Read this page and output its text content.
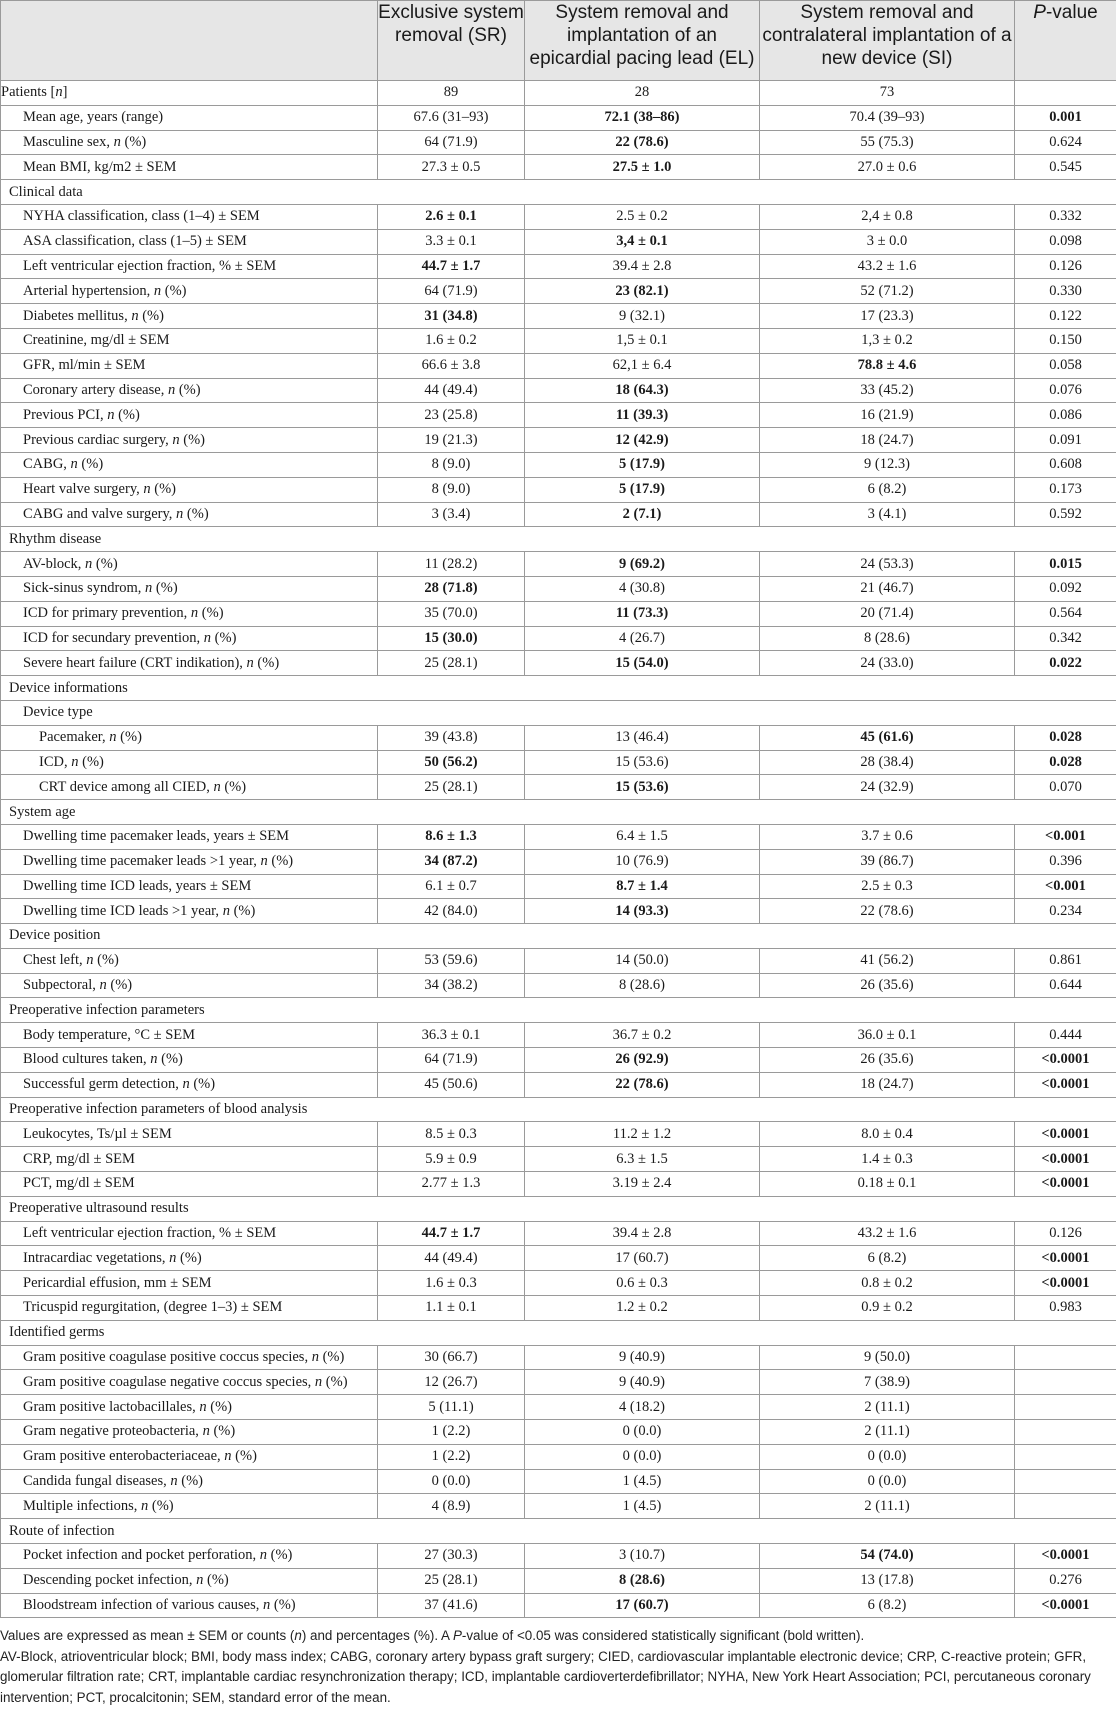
	Exclusive system removal (SR)	System removal and implantation of an epicardial pacing lead (EL)	System removal and contralateral implantation of a new device (SI)	P-value
Patients [n]	89	28	73	
Mean age, years (range)	67.6 (31–93)	72.1 (38–86)	70.4 (39–93)	0.001
Masculine sex, n (%)	64 (71.9)	22 (78.6)	55 (75.3)	0.624
Mean BMI, kg/m2 ± SEM	27.3 ± 0.5	27.5 ± 1.0	27.0 ± 0.6	0.545
Clinical data				
NYHA classification, class (1–4) ± SEM	2.6 ± 0.1	2.5 ± 0.2	2,4 ± 0.8	0.332
ASA classification, class (1–5) ± SEM	3.3 ± 0.1	3,4 ± 0.1	3 ± 0.0	0.098
Left ventricular ejection fraction, % ± SEM	44.7 ± 1.7	39.4 ± 2.8	43.2 ± 1.6	0.126
Arterial hypertension, n (%)	64 (71.9)	23 (82.1)	52 (71.2)	0.330
Diabetes mellitus, n (%)	31 (34.8)	9 (32.1)	17 (23.3)	0.122
Creatinine, mg/dl ± SEM	1.6 ± 0.2	1,5 ± 0.1	1,3 ± 0.2	0.150
GFR, ml/min ± SEM	66.6 ± 3.8	62,1 ± 6.4	78.8 ± 4.6	0.058
Coronary artery disease, n (%)	44 (49.4)	18 (64.3)	33 (45.2)	0.076
Previous PCI, n (%)	23 (25.8)	11 (39.3)	16 (21.9)	0.086
Previous cardiac surgery, n (%)	19 (21.3)	12 (42.9)	18 (24.7)	0.091
CABG, n (%)	8 (9.0)	5 (17.9)	9 (12.3)	0.608
Heart valve surgery, n (%)	8 (9.0)	5 (17.9)	6 (8.2)	0.173
CABG and valve surgery, n (%)	3 (3.4)	2 (7.1)	3 (4.1)	0.592
Rhythm disease				
AV-block, n (%)	11 (28.2)	9 (69.2)	24 (53.3)	0.015
Sick-sinus syndrom, n (%)	28 (71.8)	4 (30.8)	21 (46.7)	0.092
ICD for primary prevention, n (%)	35 (70.0)	11 (73.3)	20 (71.4)	0.564
ICD for secundary prevention, n (%)	15 (30.0)	4 (26.7)	8 (28.6)	0.342
Severe heart failure (CRT indikation), n (%)	25 (28.1)	15 (54.0)	24 (33.0)	0.022
Device informations				
Device type				
Pacemaker, n (%)	39 (43.8)	13 (46.4)	45 (61.6)	0.028
ICD, n (%)	50 (56.2)	15 (53.6)	28 (38.4)	0.028
CRT device among all CIED, n (%)	25 (28.1)	15 (53.6)	24 (32.9)	0.070
System age				
Dwelling time pacemaker leads, years ± SEM	8.6 ± 1.3	6.4 ± 1.5	3.7 ± 0.6	<0.001
Dwelling time pacemaker leads >1 year, n (%)	34 (87.2)	10 (76.9)	39 (86.7)	0.396
Dwelling time ICD leads, years ± SEM	6.1 ± 0.7	8.7 ± 1.4	2.5 ± 0.3	<0.001
Dwelling time ICD leads >1 year, n (%)	42 (84.0)	14 (93.3)	22 (78.6)	0.234
Device position				
Chest left, n (%)	53 (59.6)	14 (50.0)	41 (56.2)	0.861
Subpectoral, n (%)	34 (38.2)	8 (28.6)	26 (35.6)	0.644
Preoperative infection parameters				
Body temperature, °C ± SEM	36.3 ± 0.1	36.7 ± 0.2	36.0 ± 0.1	0.444
Blood cultures taken, n (%)	64 (71.9)	26 (92.9)	26 (35.6)	<0.0001
Successful germ detection, n (%)	45 (50.6)	22 (78.6)	18 (24.7)	<0.0001
Preoperative infection parameters of blood analysis				
Leukocytes, Ts/µl ± SEM	8.5 ± 0.3	11.2 ± 1.2	8.0 ± 0.4	<0.0001
CRP, mg/dl ± SEM	5.9 ± 0.9	6.3 ± 1.5	1.4 ± 0.3	<0.0001
PCT, mg/dl ± SEM	2.77 ± 1.3	3.19 ± 2.4	0.18 ± 0.1	<0.0001
Preoperative ultrasound results				
Left ventricular ejection fraction, % ± SEM	44.7 ± 1.7	39.4 ± 2.8	43.2 ± 1.6	0.126
Intracardiac vegetations, n (%)	44 (49.4)	17 (60.7)	6 (8.2)	<0.0001
Pericardial effusion, mm ± SEM	1.6 ± 0.3	0.6 ± 0.3	0.8 ± 0.2	<0.0001
Tricuspid regurgitation, (degree 1–3) ± SEM	1.1 ± 0.1	1.2 ± 0.2	0.9 ± 0.2	0.983
Identified germs				
Gram positive coagulase positive coccus species, n (%)	30 (66.7)	9 (40.9)	9 (50.0)	
Gram positive coagulase negative coccus species, n (%)	12 (26.7)	9 (40.9)	7 (38.9)	
Gram positive lactobacillales, n (%)	5 (11.1)	4 (18.2)	2 (11.1)	
Gram negative proteobacteria, n (%)	1 (2.2)	0 (0.0)	2 (11.1)	
Gram positive enterobacteriaceae, n (%)	1 (2.2)	0 (0.0)	0 (0.0)	
Candida fungal diseases, n (%)	0 (0.0)	1 (4.5)	0 (0.0)	
Multiple infections, n (%)	4 (8.9)	1 (4.5)	2 (11.1)	
Route of infection				
Pocket infection and pocket perforation, n (%)	27 (30.3)	3 (10.7)	54 (74.0)	<0.0001
Descending pocket infection, n (%)	25 (28.1)	8 (28.6)	13 (17.8)	0.276
Bloodstream infection of various causes, n (%)	37 (41.6)	17 (60.7)	6 (8.2)	<0.0001

Values are expressed as mean ± SEM or counts (n) and percentages (%). A P-value of <0.05 was considered statistically significant (bold written).

AV-Block, atrioventricular block; BMI, body mass index; CABG, coronary artery bypass graft surgery; CIED, cardiovascular implantable electronic device; CRP, C-reactive protein; GFR, glomerular filtration rate; CRT, implantable cardiac resynchronization therapy; ICD, implantable cardioverterdefibrillator; NYHA, New York Heart Association; PCI, percutaneous coronary intervention; PCT, procalcitonin; SEM, standard error of the mean.
